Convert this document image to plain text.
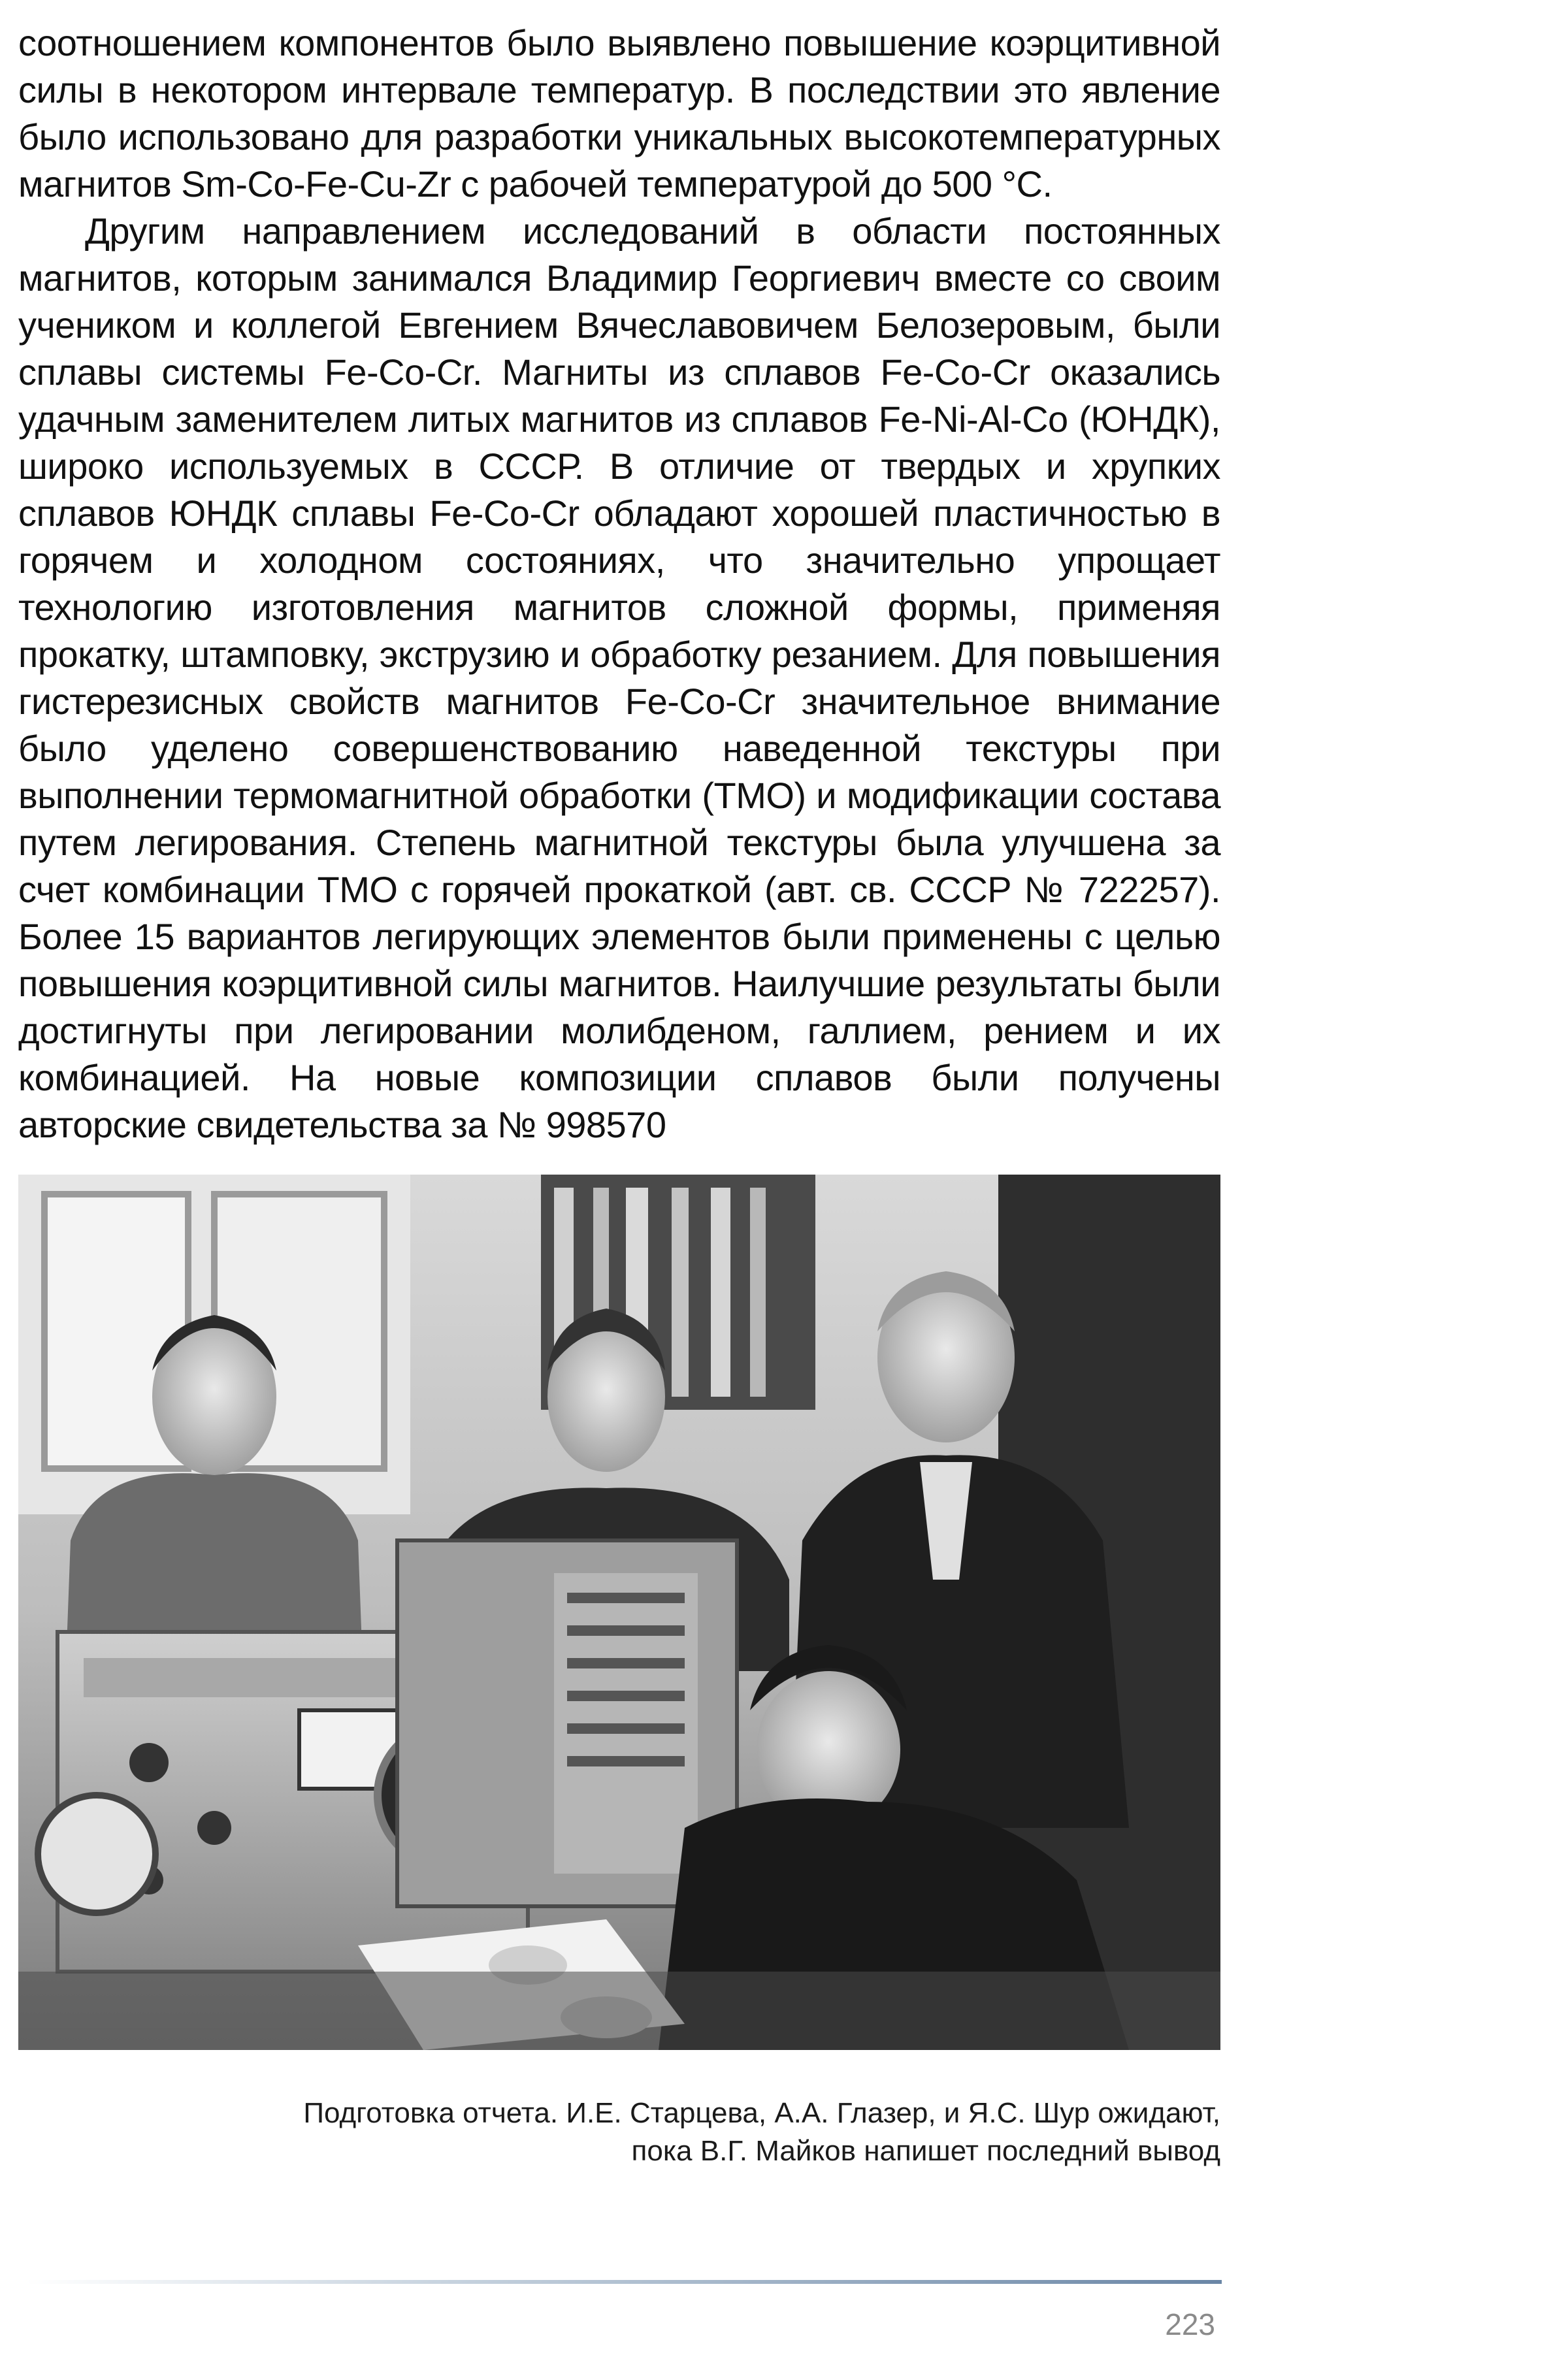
соотношением компонентов было выявлено повышение коэрцитивной силы в некотором интервале температур. В последствии это явление было использовано для разработки уникальных высокотемпературных магнитов Sm-Co-Fe-Cu-Zr с рабочей температурой до 500 °С.

Другим направлением исследований в области постоянных магнитов, которым занимался Владимир Георгиевич вместе со своим учеником и коллегой Евгением Вячеславовичем Белозеровым, были сплавы системы Fe-Co-Cr. Магниты из сплавов Fe-Co-Cr оказались удачным заменителем литых магнитов из сплавов Fe-Ni-Al-Co (ЮНДК), широко используемых в СССР. В отличие от твердых и хрупких сплавов ЮНДК сплавы Fe-Co-Cr обладают хорошей пластичностью в горячем и холодном состояниях, что значительно упрощает технологию изготовления магнитов сложной формы, применяя прокатку, штамповку, экструзию и обработку резанием. Для повышения гистерезисных свойств магнитов Fe-Co-Cr значительное внимание было уделено совершенствованию наведенной текстуры при выполнении термомагнитной обработки (ТМО) и модификации состава путем легирования. Степень магнитной текстуры была улучшена за счет комбинации ТМО с горячей прокаткой (авт. св. СССР № 722257). Более 15 вариантов легирующих элементов были применены с целью повышения коэрцитивной силы магнитов. Наилучшие результаты были достигнуты при легировании молибденом, галлием, рением и их комбинацией. На новые композиции сплавов были получены авторские свидетельства за № 998570

Подготовка отчета. И.Е. Старцева, А.А. Глазер, и Я.С. Шур ожидают,
пока В.Г. Майков напишет последний вывод
223
